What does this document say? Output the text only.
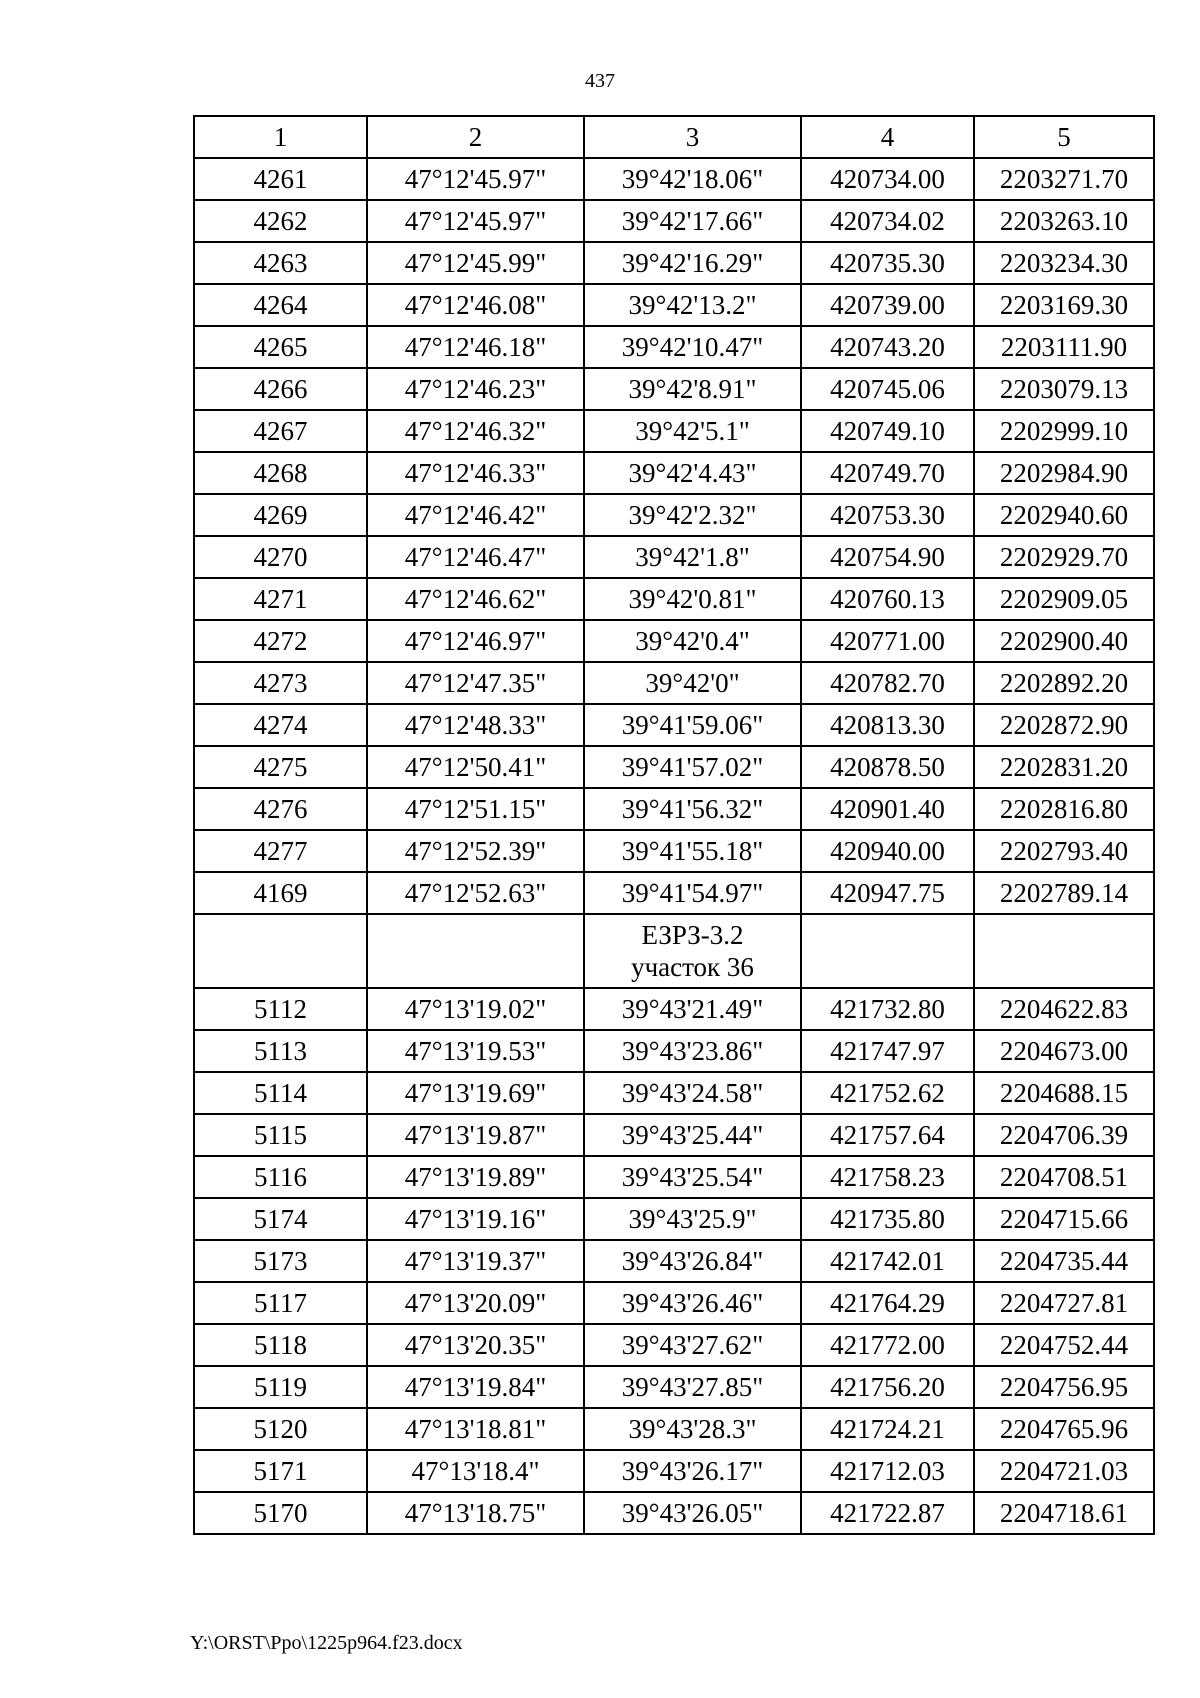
437
1	2	3	4	5
4261	47°12'45.97"	39°42'18.06"	420734.00	2203271.70
4262	47°12'45.97"	39°42'17.66"	420734.02	2203263.10
4263	47°12'45.99"	39°42'16.29"	420735.30	2203234.30
4264	47°12'46.08"	39°42'13.2"	420739.00	2203169.30
4265	47°12'46.18"	39°42'10.47"	420743.20	2203111.90
4266	47°12'46.23"	39°42'8.91"	420745.06	2203079.13
4267	47°12'46.32"	39°42'5.1"	420749.10	2202999.10
4268	47°12'46.33"	39°42'4.43"	420749.70	2202984.90
4269	47°12'46.42"	39°42'2.32"	420753.30	2202940.60
4270	47°12'46.47"	39°42'1.8"	420754.90	2202929.70
4271	47°12'46.62"	39°42'0.81"	420760.13	2202909.05
4272	47°12'46.97"	39°42'0.4"	420771.00	2202900.40
4273	47°12'47.35"	39°42'0"	420782.70	2202892.20
4274	47°12'48.33"	39°41'59.06"	420813.30	2202872.90
4275	47°12'50.41"	39°41'57.02"	420878.50	2202831.20
4276	47°12'51.15"	39°41'56.32"	420901.40	2202816.80
4277	47°12'52.39"	39°41'55.18"	420940.00	2202793.40
4169	47°12'52.63"	39°41'54.97"	420947.75	2202789.14

		ЕЗРЗ-3.2
участок 36		

5112	47°13'19.02"	39°43'21.49"	421732.80	2204622.83
5113	47°13'19.53"	39°43'23.86"	421747.97	2204673.00
5114	47°13'19.69"	39°43'24.58"	421752.62	2204688.15
5115	47°13'19.87"	39°43'25.44"	421757.64	2204706.39
5116	47°13'19.89"	39°43'25.54"	421758.23	2204708.51
5174	47°13'19.16"	39°43'25.9"	421735.80	2204715.66
5173	47°13'19.37"	39°43'26.84"	421742.01	2204735.44
5117	47°13'20.09"	39°43'26.46"	421764.29	2204727.81
5118	47°13'20.35"	39°43'27.62"	421772.00	2204752.44
5119	47°13'19.84"	39°43'27.85"	421756.20	2204756.95
5120	47°13'18.81"	39°43'28.3"	421724.21	2204765.96
5171	47°13'18.4"	39°43'26.17"	421712.03	2204721.03
5170	47°13'18.75"	39°43'26.05"	421722.87	2204718.61
Y:\ORST\Ppo\1225p964.f23.docx
